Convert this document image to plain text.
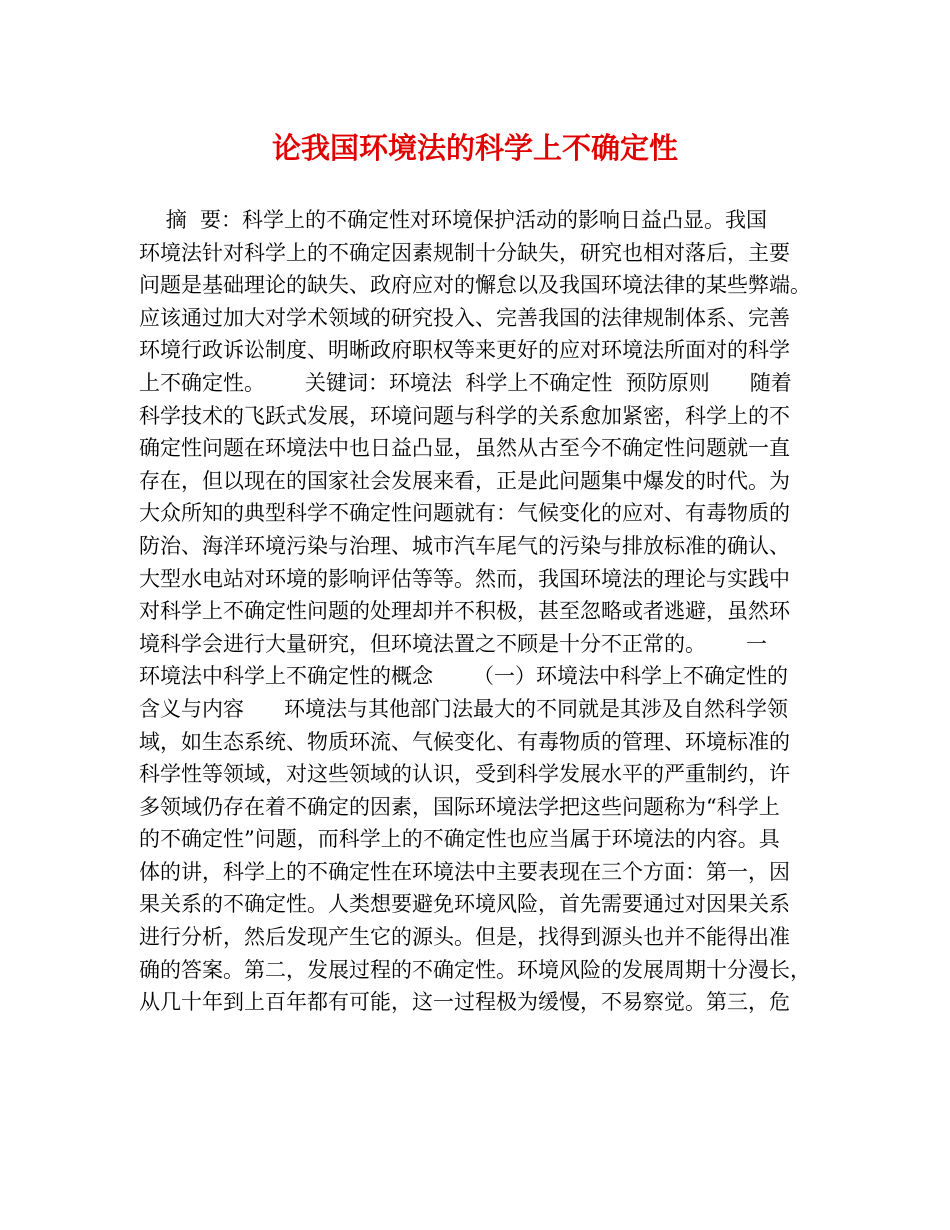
论我国环境法的科学上不确定性
摘  要：科学上的不确定性对环境保护活动的影响日益凸显。我国
环境法针对科学上的不确定因素规制十分缺失，研究也相对落后，主要
问题是基础理论的缺失、政府应对的懈怠以及我国环境法律的某些弊端。
应该通过加大对学术领域的研究投入、完善我国的法律规制体系、完善
环境行政诉讼制度、明晰政府职权等来更好的应对环境法所面对的科学
上不确定性。      关键词：环境法  科学上不确定性  预防原则      随着
科学技术的飞跃式发展，环境问题与科学的关系愈加紧密，科学上的不
确定性问题在环境法中也日益凸显，虽然从古至今不确定性问题就一直
存在，但以现在的国家社会发展来看，正是此问题集中爆发的时代。为
大众所知的典型科学不确定性问题就有：气候变化的应对、有毒物质的
防治、海洋环境污染与治理、城市汽车尾气的污染与排放标准的确认、
大型水电站对环境的影响评估等等。然而，我国环境法的理论与实践中
对科学上不确定性问题的处理却并不积极，甚至忽略或者逃避，虽然环
境科学会进行大量研究，但环境法置之不顾是十分不正常的。      一
环境法中科学上不确定性的概念      （一）环境法中科学上不确定性的
含义与内容      环境法与其他部门法最大的不同就是其涉及自然科学领
域，如生态系统、物质环流、气候变化、有毒物质的管理、环境标准的
科学性等领域，对这些领域的认识，受到科学发展水平的严重制约，许
多领域仍存在着不确定的因素，国际环境法学把这些问题称为“科学上
的不确定性”问题，而科学上的不确定性也应当属于环境法的内容。具
体的讲，科学上的不确定性在环境法中主要表现在三个方面：第一，因
果关系的不确定性。人类想要避免环境风险，首先需要通过对因果关系
进行分析，然后发现产生它的源头。但是，找得到源头也并不能得出准
确的答案。第二，发展过程的不确定性。环境风险的发展周期十分漫长，
从几十年到上百年都有可能，这一过程极为缓慢，不易察觉。第三，危
